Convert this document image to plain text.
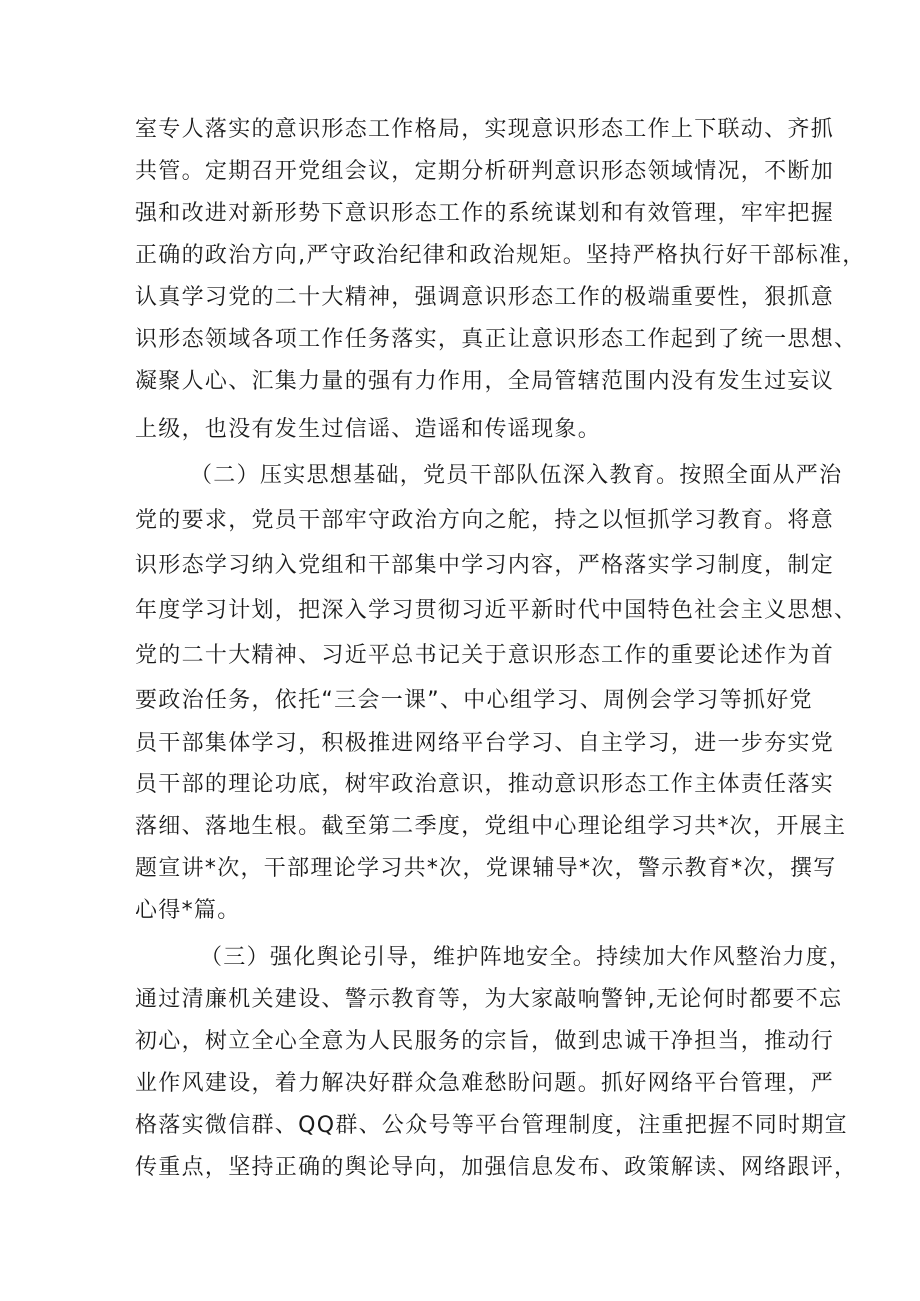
室专人落实的意识形态工作格局，实现意识形态工作上下联动、齐抓
共管。定期召开党组会议，定期分析研判意识形态领域情况，不断加
强和改进对新形势下意识形态工作的系统谋划和有效管理，牢牢把握
正确的政治方向,严守政治纪律和政治规矩。坚持严格执行好干部标准，
认真学习党的二十大精神，强调意识形态工作的极端重要性，狠抓意
识形态领域各项工作任务落实，真正让意识形态工作起到了统一思想、
凝聚人心、汇集力量的强有力作用，全局管辖范围内没有发生过妄议
上级，也没有发生过信谣、造谣和传谣现象。
（二）压实思想基础，党员干部队伍深入教育。按照全面从严治
党的要求，党员干部牢守政治方向之舵，持之以恒抓学习教育。将意
识形态学习纳入党组和干部集中学习内容，严格落实学习制度，制定
年度学习计划，把深入学习贯彻习近平新时代中国特色社会主义思想、
党的二十大精神、习近平总书记关于意识形态工作的重要论述作为首
要政治任务，依托“三会一课”、中心组学习、周例会学习等抓好党
员干部集体学习，积极推进网络平台学习、自主学习，进一步夯实党
员干部的理论功底，树牢政治意识，推动意识形态工作主体责任落实
落细、落地生根。截至第二季度，党组中心理论组学习共*次，开展主
题宣讲*次，干部理论学习共*次，党课辅导*次，警示教育*次，撰写
心得*篇。
（三）强化舆论引导，维护阵地安全。持续加大作风整治力度，
通过清廉机关建设、警示教育等，为大家敲响警钟,无论何时都要不忘
初心，树立全心全意为人民服务的宗旨，做到忠诚干净担当，推动行
业作风建设，着力解决好群众急难愁盼问题。抓好网络平台管理，严
格落实微信群、QQ群、公众号等平台管理制度，注重把握不同时期宣
传重点，坚持正确的舆论导向，加强信息发布、政策解读、网络跟评，
